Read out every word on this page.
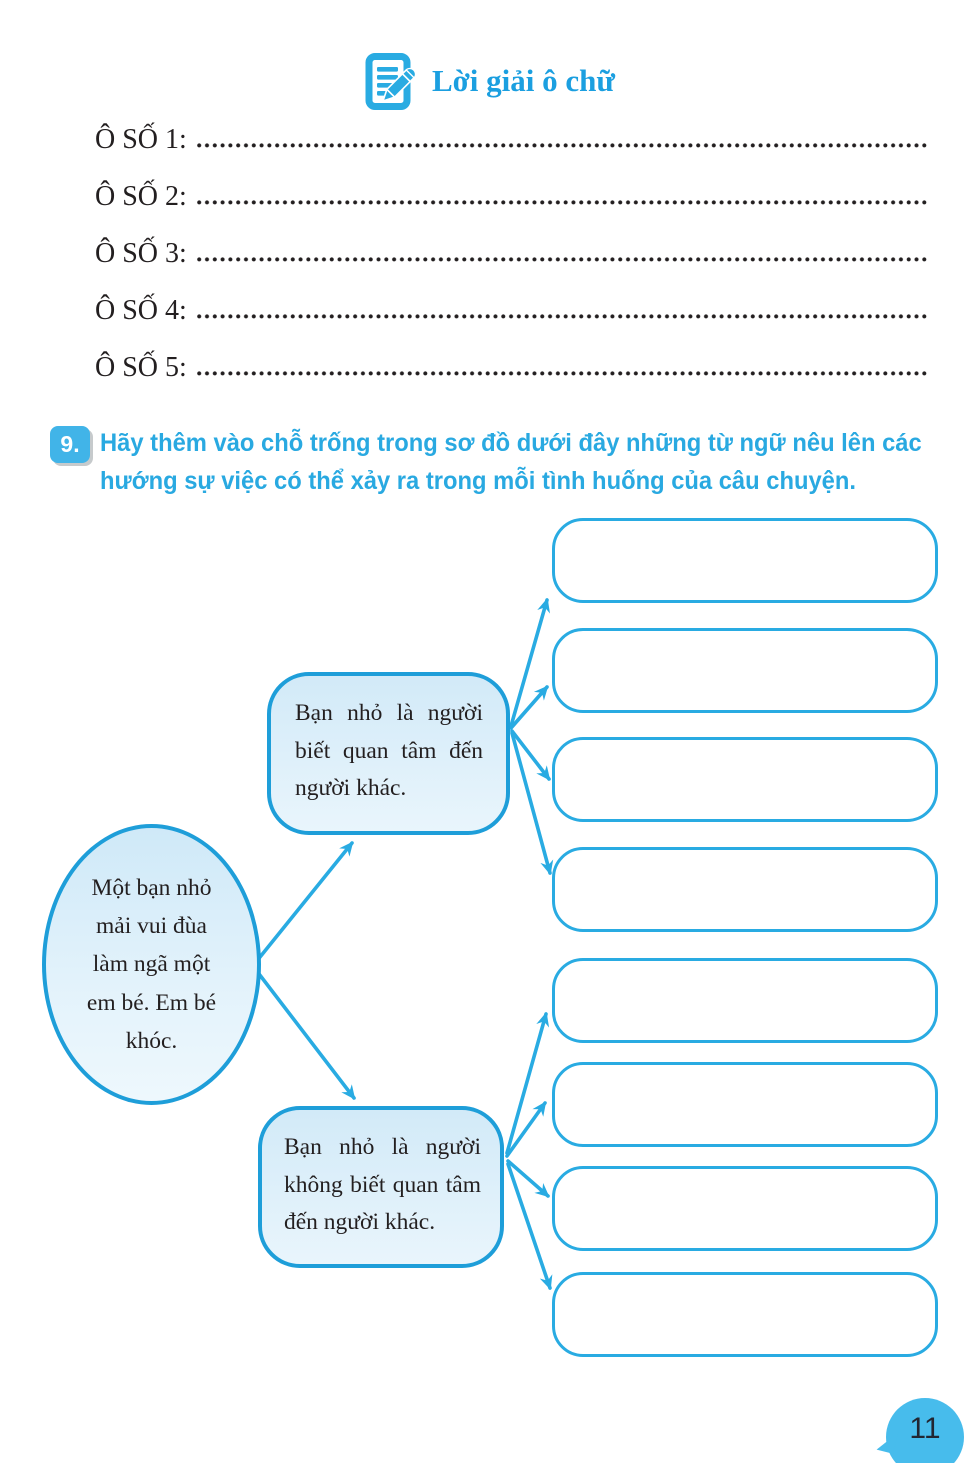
Lời giải ô chữ
Ô SỐ 1:
Ô SỐ 2:
Ô SỐ 3:
Ô SỐ 4:
Ô SỐ 5:
9. Hãy thêm vào chỗ trống trong sơ đồ dưới đây những từ ngữ nêu lên các
hướng sự việc có thể xảy ra trong mỗi tình huống của câu chuyện.
Một bạn nhỏ mải vui đùa làm ngã một em bé. Em bé khóc.
Bạn nhỏ là người biết quan tâm đến người khác.
Bạn nhỏ là người không biết quan tâm đến người khác.
11
